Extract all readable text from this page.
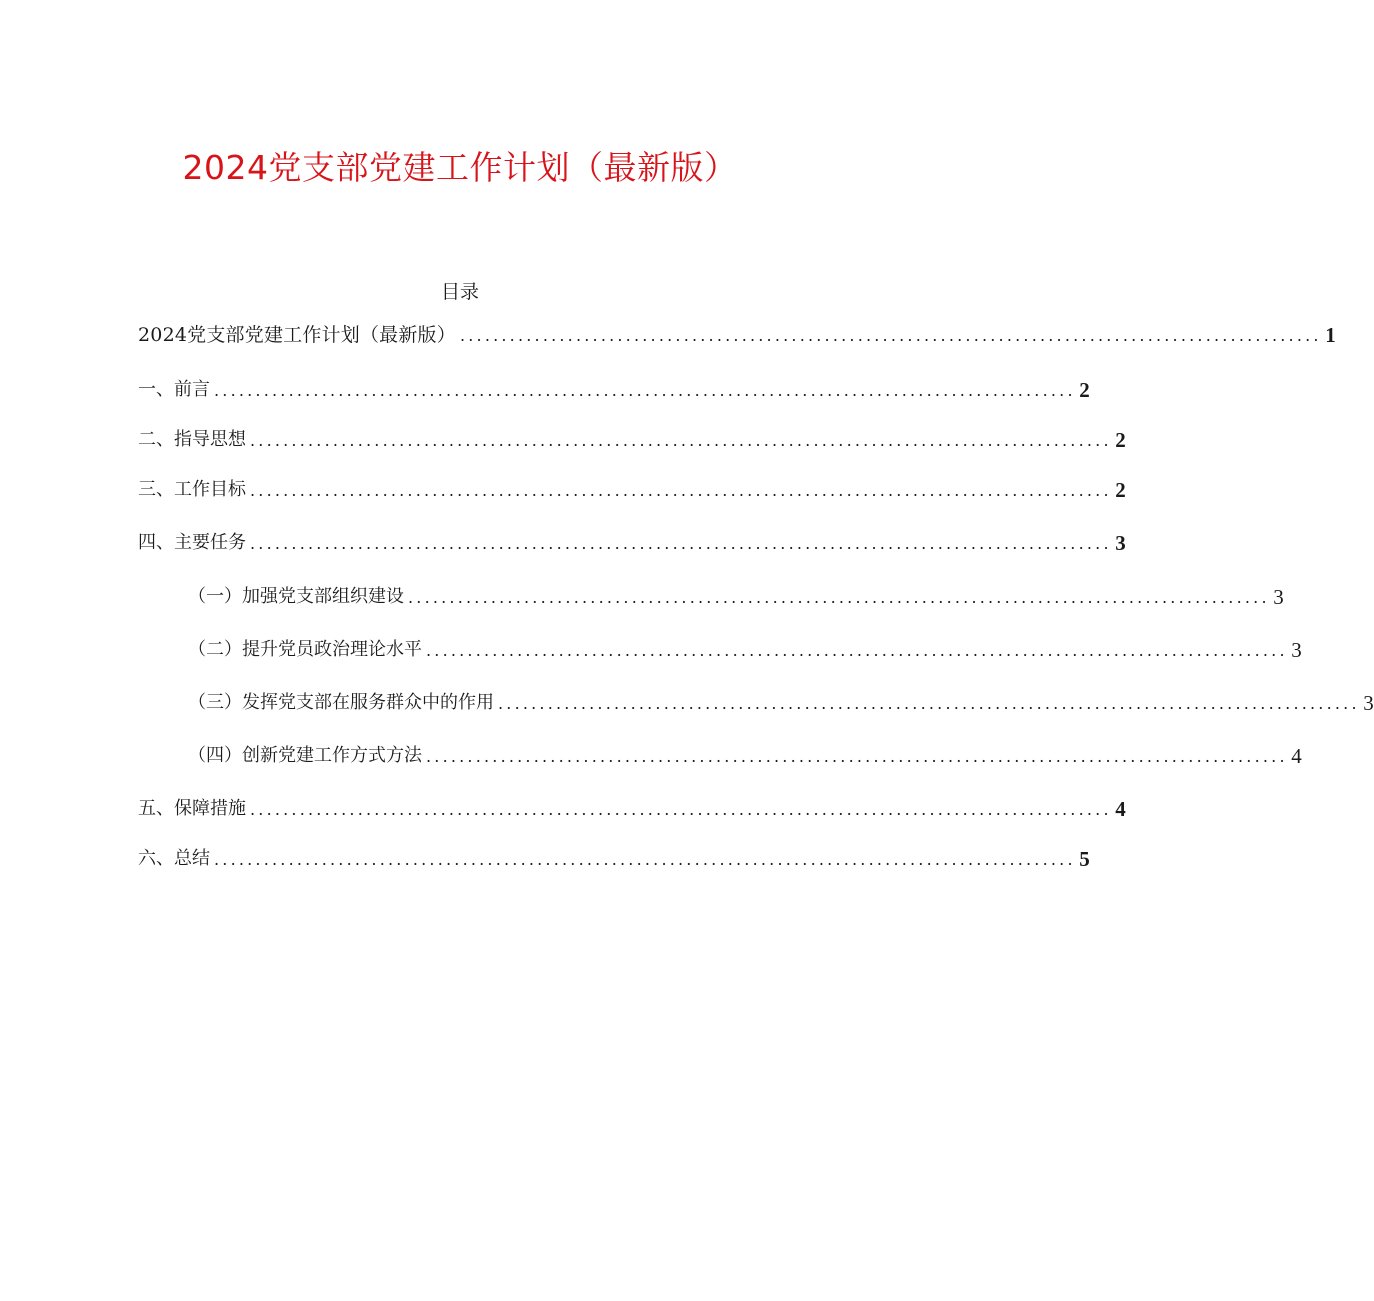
2024党支部党建工作计划（最新版）
目录
2024党支部党建工作计划（最新版） ........................................................................................................ 1
一、前言 ........................................................................................................ 2
二、指导思想 ........................................................................................................ 2
三、工作目标 ........................................................................................................ 2
四、主要任务 ........................................................................................................ 3
（一）加强党支部组织建设 ........................................................................................................ 3
（二）提升党员政治理论水平 ........................................................................................................ 3
（三）发挥党支部在服务群众中的作用 ........................................................................................................ 3
（四）创新党建工作方式方法 ........................................................................................................ 4
五、保障措施 ........................................................................................................ 4
六、总结 ........................................................................................................ 5
